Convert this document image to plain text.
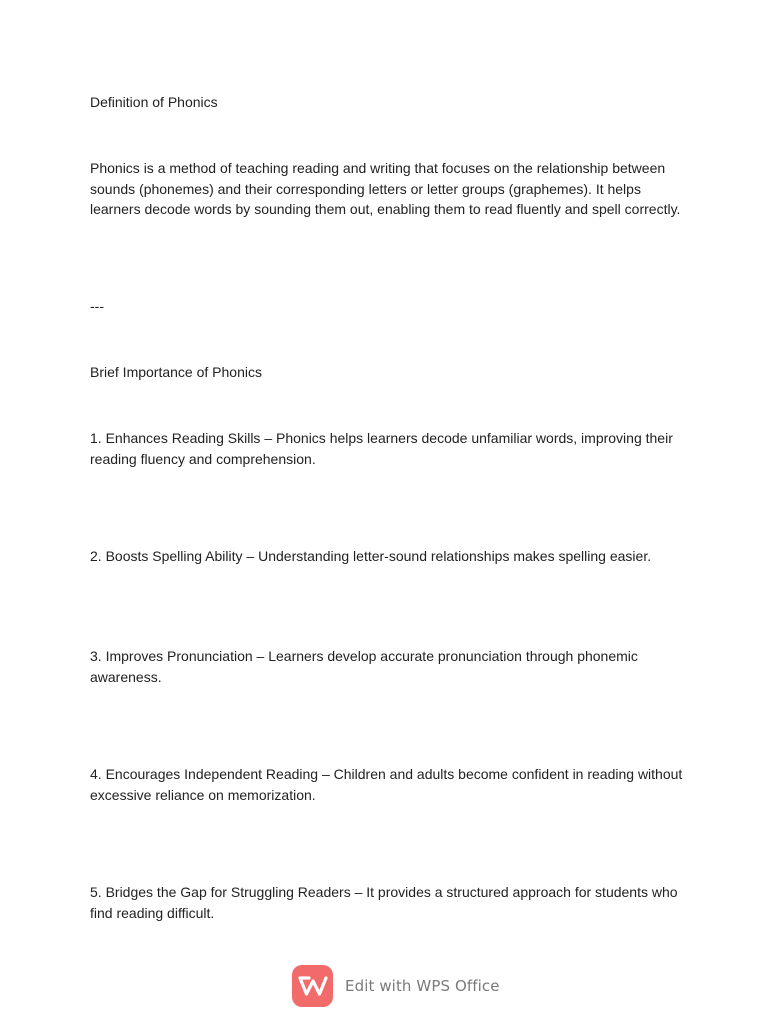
Definition of Phonics

Phonics is a method of teaching reading and writing that focuses on the relationship between sounds (phonemes) and their corresponding letters or letter groups (graphemes). It helps learners decode words by sounding them out, enabling them to read fluently and spell correctly.

---

Brief Importance of Phonics

1. Enhances Reading Skills – Phonics helps learners decode unfamiliar words, improving their reading fluency and comprehension.

2. Boosts Spelling Ability – Understanding letter-sound relationships makes spelling easier.

3. Improves Pronunciation – Learners develop accurate pronunciation through phonemic awareness.

4. Encourages Independent Reading – Children and adults become confident in reading without excessive reliance on memorization.

5. Bridges the Gap for Struggling Readers – It provides a structured approach for students who find reading difficult.

Edit with WPS Office
